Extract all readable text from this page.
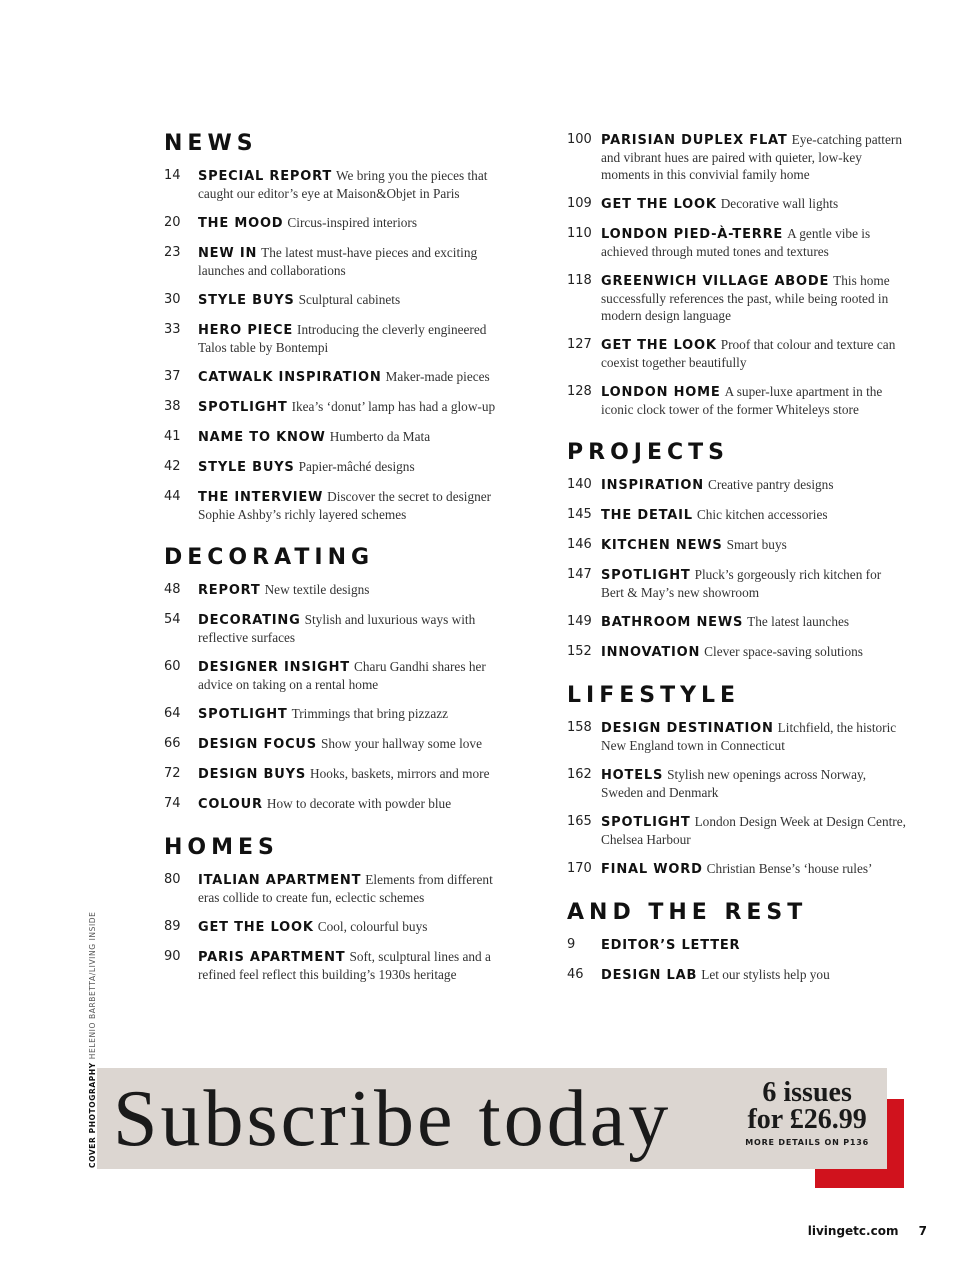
NEWS
14	SPECIAL REPORT We bring you the pieces that caught our editor’s eye at Maison&Objet in Paris
20	THE MOOD Circus-inspired interiors
23	NEW IN The latest must-have pieces and exciting launches and collaborations
30	STYLE BUYS Sculptural cabinets
33	HERO PIECE Introducing the cleverly engineered Talos table by Bontempi
37	CATWALK INSPIRATION Maker-made pieces
38	SPOTLIGHT Ikea’s ‘donut’ lamp has had a glow-up
41	NAME TO KNOW Humberto da Mata
42	STYLE BUYS Papier-mâché designs
44	THE INTERVIEW Discover the secret to designer Sophie Ashby’s richly layered schemes
DECORATING
48	REPORT New textile designs
54	DECORATING Stylish and luxurious ways with reflective surfaces
60	DESIGNER INSIGHT Charu Gandhi shares her advice on taking on a rental home
64	SPOTLIGHT Trimmings that bring pizzazz
66	DESIGN FOCUS Show your hallway some love
72	DESIGN BUYS Hooks, baskets, mirrors and more
74	COLOUR How to decorate with powder blue
HOMES
80	ITALIAN APARTMENT Elements from different eras collide to create fun, eclectic schemes
89	GET THE LOOK Cool, colourful buys
90	PARIS APARTMENT Soft, sculptural lines and a refined feel reflect this building’s 1930s heritage
100 PARISIAN DUPLEX FLAT Eye-catching pattern and vibrant hues are paired with quieter, low-key moments in this convivial family home
109 GET THE LOOK Decorative wall lights
110 LONDON PIED-À-TERRE A gentle vibe is achieved through muted tones and textures
118 GREENWICH VILLAGE ABODE This home successfully references the past, while being rooted in modern design language
127 GET THE LOOK Proof that colour and texture can coexist together beautifully
128 LONDON HOME A super-luxe apartment in the iconic clock tower of the former Whiteleys store
PROJECTS
140 INSPIRATION Creative pantry designs
145 THE DETAIL Chic kitchen accessories
146 KITCHEN NEWS Smart buys
147 SPOTLIGHT Pluck’s gorgeously rich kitchen for Bert & May’s new showroom
149 BATHROOM NEWS The latest launches
152 INNOVATION Clever space-saving solutions
LIFESTYLE
158 DESIGN DESTINATION Litchfield, the historic New England town in Connecticut
162 HOTELS Stylish new openings across Norway, Sweden and Denmark
165 SPOTLIGHT London Design Week at Design Centre, Chelsea Harbour
170 FINAL WORD Christian Bense’s ‘house rules’
AND THE REST
9	EDITOR’S LETTER
46	DESIGN LAB Let our stylists help you
COVER PHOTOGRAPHY HELENIO BARBETTA/LIVING INSIDE
Subscribe today	6 issues
for £26.99
MORE DETAILS ON P136
livingetc.com 7
